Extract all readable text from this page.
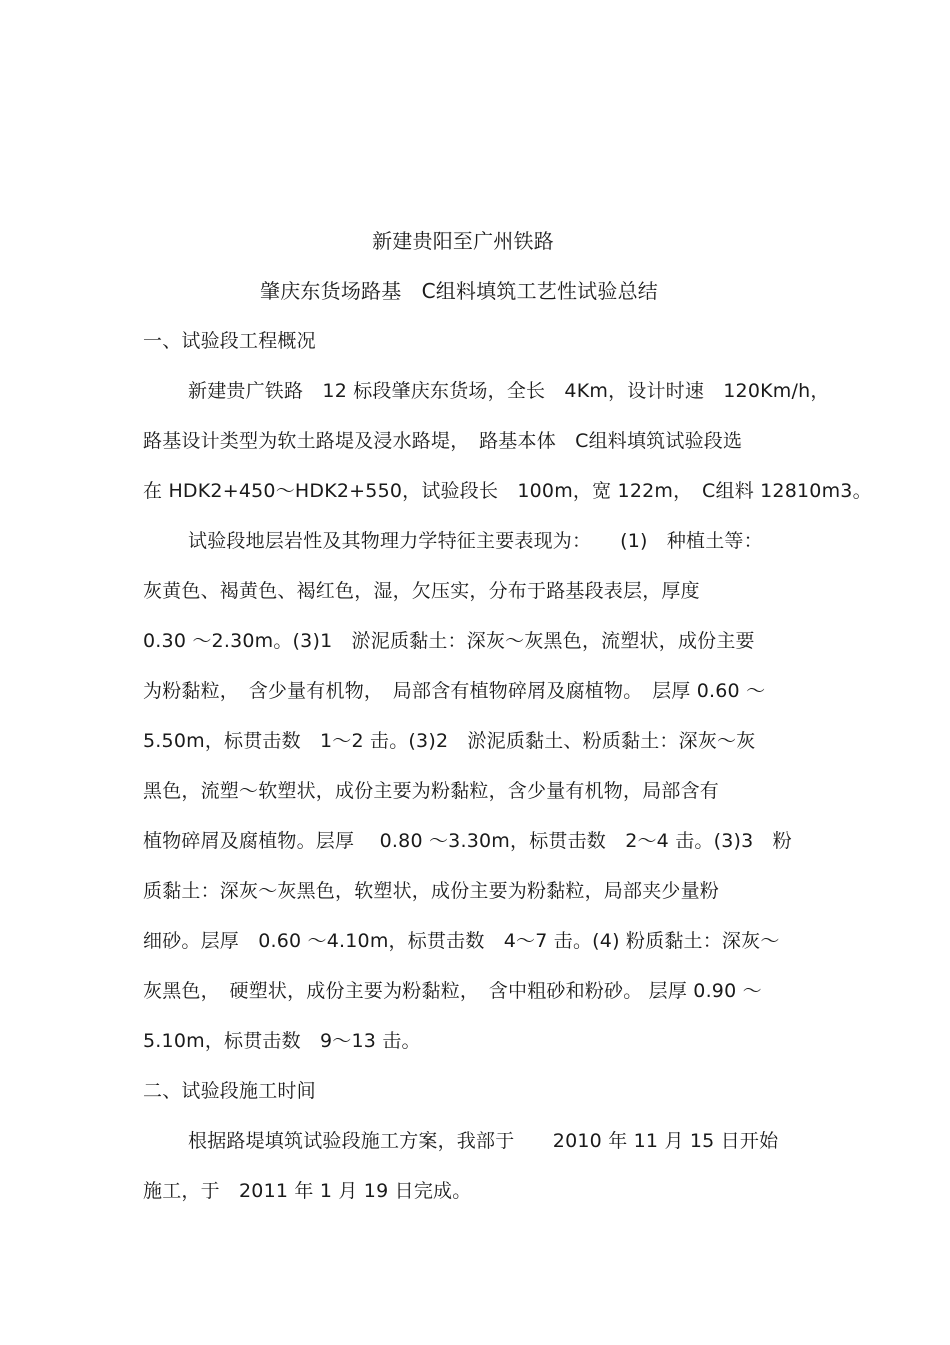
新建贵阳至广州铁路
肇庆东货场路基　C组料填筑工艺性试验总结
一、试验段工程概况
新建贵广铁路　12 标段肇庆东货场，全长　4Km，设计时速　120Km/h，
路基设计类型为软土路堤及浸水路堤，　路基本体　C组料填筑试验段选
在 HDK2+450～HDK2+550，试验段长　100m，宽 122m，　C组料 12810m3。
试验段地层岩性及其物理力学特征主要表现为：　　(1)　种植土等：
灰黄色、褐黄色、褐红色，湿，欠压实，分布于路基段表层，厚度
0.30 ～2.30m。(3)1　淤泥质黏土：深灰～灰黑色，流塑状，成份主要
为粉黏粒，　含少量有机物，　局部含有植物碎屑及腐植物。　层厚 0.60 ～
5.50m，标贯击数　1～2 击。(3)2　淤泥质黏土、粉质黏土：深灰～灰
黑色，流塑～软塑状，成份主要为粉黏粒，含少量有机物，局部含有
植物碎屑及腐植物。层厚　 0.80 ～3.30m，标贯击数　2～4 击。(3)3　粉
质黏土：深灰～灰黑色，软塑状，成份主要为粉黏粒，局部夹少量粉
细砂。层厚　0.60 ～4.10m，标贯击数　4～7 击。(4) 粉质黏土：深灰～
灰黑色，　硬塑状，成份主要为粉黏粒，　含中粗砂和粉砂。 层厚 0.90 ～
5.10m，标贯击数　9～13 击。
二、试验段施工时间
根据路堤填筑试验段施工方案，我部于　　2010 年 11 月 15 日开始
施工，于　2011 年 1 月 19 日完成。
